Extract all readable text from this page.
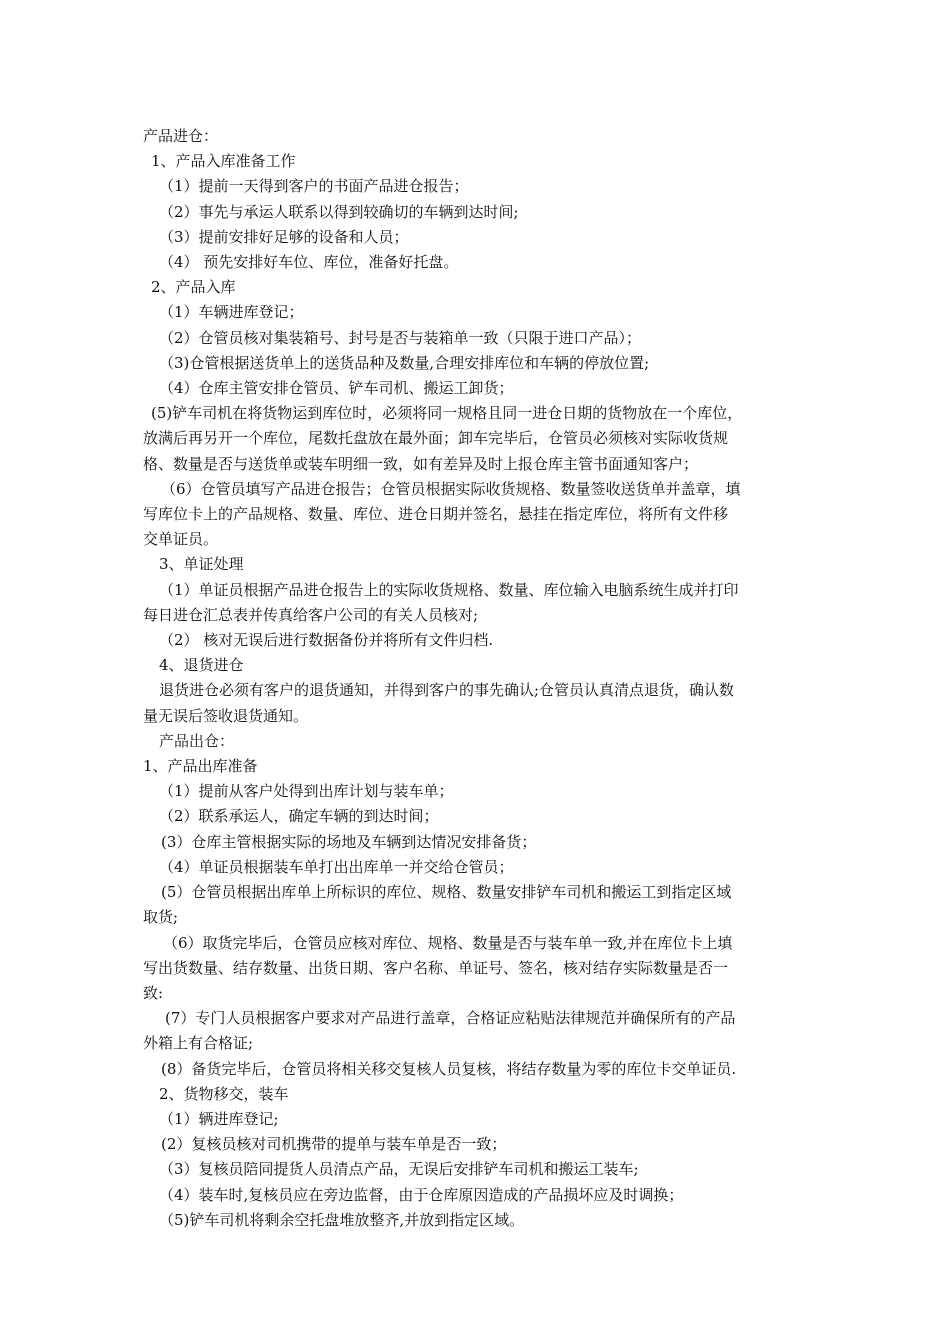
产品进仓：
1、产品入库准备工作
（1）提前一天得到客户的书面产品进仓报告；
（2）事先与承运人联系以得到较确切的车辆到达时间;
（3）提前安排好足够的设备和人员；
（4） 预先安排好车位、库位，准备好托盘。
2、产品入库
（1）车辆进库登记；
（2）仓管员核对集装箱号、封号是否与装箱单一致（只限于进口产品）；
（3)仓管根据送货单上的送货品种及数量,合理安排库位和车辆的停放位置;
（4）仓库主管安排仓管员、铲车司机、搬运工卸货；
(5)铲车司机在将货物运到库位时，必须将同一规格且同一进仓日期的货物放在一个库位，
放满后再另开一个库位，尾数托盘放在最外面；卸车完毕后，仓管员必须核对实际收货规
格、数量是否与送货单或装车明细一致，如有差异及时上报仓库主管书面通知客户；
（6）仓管员填写产品进仓报告；仓管员根据实际收货规格、数量签收送货单并盖章，填
写库位卡上的产品规格、数量、库位、进仓日期并签名，悬挂在指定库位，将所有文件移
交单证员。
3、单证处理
（1）单证员根据产品进仓报告上的实际收货规格、数量、库位输入电脑系统生成并打印
每日进仓汇总表并传真给客户公司的有关人员核对;
（2） 核对无误后进行数据备份并将所有文件归档.
4、退货进仓
退货进仓必须有客户的退货通知，并得到客户的事先确认;仓管员认真清点退货，确认数
量无误后签收退货通知。
产品出仓：
1、产品出库准备
（1）提前从客户处得到出库计划与装车单；
（2）联系承运人，确定车辆的到达时间；
(3）仓库主管根据实际的场地及车辆到达情况安排备货；
（4）单证员根据装车单打出出库单一并交给仓管员；
(5）仓管员根据出库单上所标识的库位、规格、数量安排铲车司机和搬运工到指定区域
取货;
（6）取货完毕后，仓管员应核对库位、规格、数量是否与装车单一致,并在库位卡上填
写出货数量、结存数量、出货日期、客户名称、单证号、签名，核对结存实际数量是否一
致:
(7）专门人员根据客户要求对产品进行盖章，合格证应粘贴法律规范并确保所有的产品
外箱上有合格证;
(8）备货完毕后，仓管员将相关移交复核人员复核，将结存数量为零的库位卡交单证员.
2、货物移交，装车
（1）辆进库登记;
(2）复核员核对司机携带的提单与装车单是否一致；
（3）复核员陪同提货人员清点产品，无误后安排铲车司机和搬运工装车;
（4）装车时,复核员应在旁边监督，由于仓库原因造成的产品损坏应及时调换；
（5)铲车司机将剩余空托盘堆放整齐,并放到指定区域。
